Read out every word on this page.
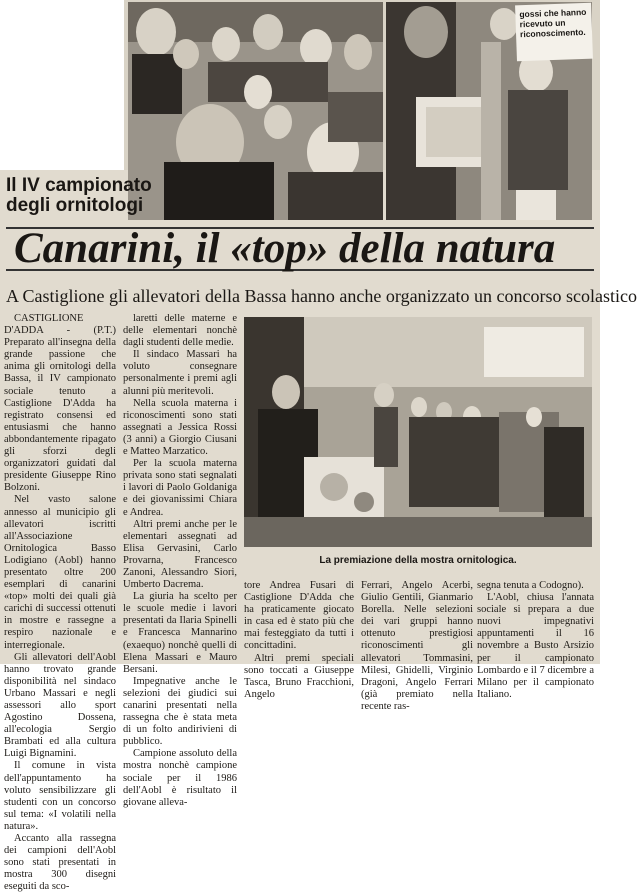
gossi che hanno ricevuto un riconoscimento.
Il IV campionato
degli ornitologi
Canarini, il «top» della natura
A Castiglione gli allevatori della Bassa hanno anche organizzato un concorso scolastico

CASTIGLIONE D'ADDA - (P.T.) Preparato all'insegna della grande passione che anima gli ornitologi della Bassa, il IV campionato sociale tenuto a Castiglione D'Adda ha registrato consensi ed entusiasmi che hanno abbondantemente ripagato gli sforzi degli organizzatori guidati dal presidente Giuseppe Rino Bolzoni.

Nel vasto salone annesso al municipio gli allevatori iscritti all'Associazione Ornitologica Basso Lodigiano (Aobl) hanno presentato oltre 200 esemplari di canarini «top» molti dei quali già carichi di successi ottenuti in mostre e rassegne a respiro nazionale e interregionale.

Gli allevatori dell'Aobl hanno trovato grande disponibilità nel sindaco Urbano Massari e negli assessori allo sport Agostino Dossena, all'ecologia Sergio Brambati ed alla cultura Luigi Bignamini.

Il comune in vista dell'appuntamento ha voluto sensibilizzare gli studenti con un concorso sul tema: «I volatili nella natura».

Accanto alla rassegna dei campioni dell'Aobl sono stati presentati in mostra 300 disegni eseguiti da sco-

laretti delle materne e delle elementari nonchè dagli studenti delle medie.

Il sindaco Massari ha voluto consegnare personalmente i premi agli alunni più meritevoli.

Nella scuola materna i riconoscimenti sono stati assegnati a Jessica Rossi (3 anni) a Giorgio Ciusani e Matteo Marzatico.

Per la scuola materna privata sono stati segnalati i lavori di Paolo Goldaniga e dei giovanissimi Chiara e Andrea.

Altri premi anche per le elementari assegnati ad Elisa Gervasini, Carlo Provarna, Francesco Zanoni, Alessandro Siori, Umberto Dacrema.

La giuria ha scelto per le scuole medie i lavori presentati da Ilaria Spinelli e Francesca Mannarino (exaequo) nonchè quelli di Elena Massari e Mauro Bersani.

Impegnative anche le selezioni dei giudici sui canarini presentati nella rassegna che è stata meta di un folto andirivieni di pubblico.

Campione assoluto della mostra nonchè campione sociale per il 1986 dell'Aobl è risultato il giovane alleva-

La premiazione della mostra ornitologica.

tore Andrea Fusari di Castiglione D'Adda che ha praticamente giocato in casa ed è stato più che mai festeggiato da tutti i concittadini.

Altri premi speciali sono toccati a Giuseppe Tasca, Bruno Fracchioni, Angelo

Ferrari, Angelo Acerbi, Giulio Gentili, Gianmario Borella. Nelle selezioni dei vari gruppi hanno ottenuto prestigiosi riconoscimenti gli allevatori Tommasini, Milesi, Ghidelli, Virginio Dragoni, Angelo Ferrari (già premiato nella recente ras-

segna tenuta a Codogno).

L'Aobl, chiusa l'annata sociale si prepara a due nuovi impegnativi appuntamenti il 16 novembre a Busto Arsizio per il campionato Lombardo e il 7 dicembre a Milano per il campionato Italiano.
